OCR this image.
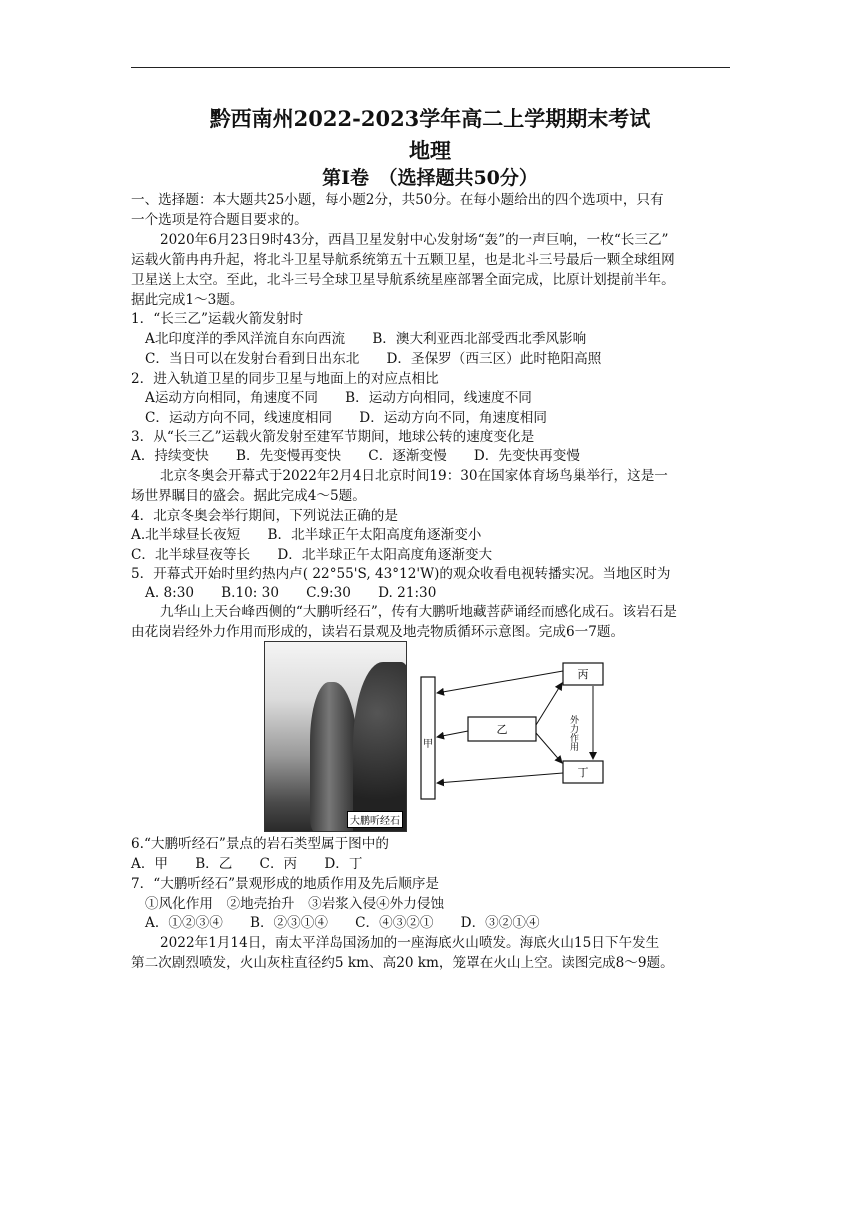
黔西南州2022-2023学年高二上学期期末考试
地理
第Ⅰ卷　（选择题共50分）
一、选择题：本大题共25小题，每小题2分，共50分。在每小题给出的四个选项中，只有
一个选项是符合题目要求的。
2020年6月23日9时43分，西昌卫星发射中心发射场“轰”的一声巨响，一枚“长三乙”
运载火箭冉冉升起，将北斗卫星导航系统第五十五颗卫星，也是北斗三号最后一颗全球组网
卫星送上太空。至此，北斗三号全球卫星导航系统星座部署全面完成，比原计划提前半年。
据此完成1～3题。
1．“长三乙”运载火箭发射时
A北印度洋的季风洋流自东向西流　　B．澳大利亚西北部受西北季风影响
C．当日可以在发射台看到日出东北　　D．圣保罗（西三区）此时艳阳高照
2．进入轨道卫星的同步卫星与地面上的对应点相比
A运动方向相同，角速度不同　　B．运动方向相同，线速度不同
C．运动方向不同，线速度相同　　D．运动方向不同，角速度相同
3．从“长三乙”运载火箭发射至建军节期间，地球公转的速度变化是
A．持续变快　　B．先变慢再变快　　C．逐渐变慢　　D．先变快再变慢
北京冬奥会开幕式于2022年2月4日北京时间19：30在国家体育场鸟巢举行，这是一
场世界瞩目的盛会。据此完成4～5题。
4．北京冬奥会举行期间，下列说法正确的是
A.北半球昼长夜短　　B．北半球正午太阳高度角逐渐变小
C．北半球昼夜等长　　D．北半球正午太阳高度角逐渐变大
5．开幕式开始时里约热内卢( 22°55'S, 43°12'W)的观众收看电视转播实况。当地区时为
A. 8:30　　B.10: 30　　C.9:30　　D. 21:30
九华山上天台峰西侧的“大鹏听经石”，传有大鹏听地藏菩萨诵经而感化成石。该岩石是
由花岗岩经外力作用而形成的，读岩石景观及地壳物质循环示意图。完成6一7题。
6.“大鹏听经石”景点的岩石类型属于图中的
A．甲　　B．乙　　C．丙　　D．丁
7．“大鹏听经石”景观形成的地质作用及先后顺序是
①风化作用　②地壳抬升　③岩浆入侵④外力侵蚀
A．①②③④　　B．②③①④　　C．④③②①　　D．③②①④
2022年1月14日，南太平洋岛国汤加的一座海底火山喷发。海底火山15日下午发生
第二次剧烈喷发，火山灰柱直径约5 km、高20 km，笼罩在火山上空。读图完成8～9题。
大鹏听经石
甲
乙
丙
丁
外力作用
